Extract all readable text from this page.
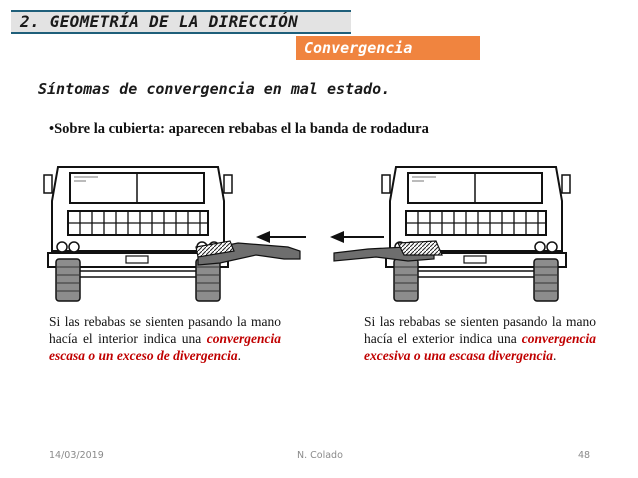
2. GEOMETRÍA DE LA DIRECCIÓN
Convergencia
Síntomas de convergencia en mal estado.
•Sobre la cubierta: aparecen rebabas el la banda de rodadura
Si las rebabas se sienten pasando la mano hacía el interior indica una convergencia escasa o un exceso de divergencia.
Si las rebabas se sienten pasando la mano hacía el exterior indica una convergencia excesiva o una escasa divergencia.
14/03/2019	N. Colado	48
